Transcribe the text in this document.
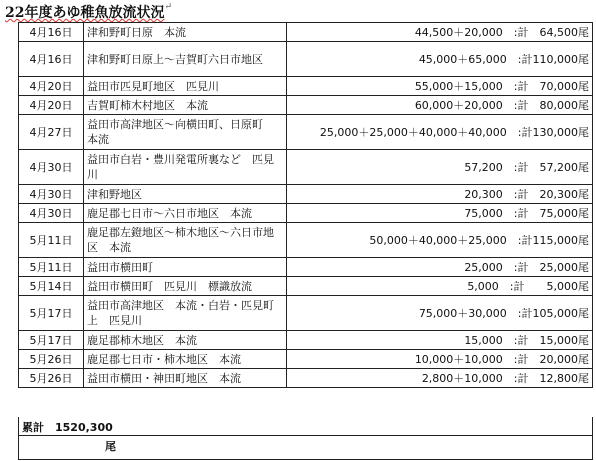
22年度あゆ稚魚放流状況↵
4月16日	津和野町日原　本流	44,500＋20,000　:計　64,500尾
4月16日	津和野町日原上～吉賀町六日市地区	45,000＋65,000　:計110,000尾
4月20日	益田市匹見町地区　匹見川	55,000＋15,000　:計　70,000尾
4月20日	吉賀町柿木村地区　本流	60,000＋20,000　:計　80,000尾
4月27日	益田市高津地区～向横田町、日原町　本流	25,000＋25,000＋40,000＋40,000　:計130,000尾
4月30日	益田市白岩・豊川発電所裏など　匹見川	57,200　:計　57,200尾
4月30日	津和野地区	20,300　:計　20,300尾
4月30日	鹿足郡七日市～六日市地区　本流	75,000　:計　75,000尾
5月11日	鹿足郡左鐙地区～柿木地区～六日市地区　本流	50,000＋40,000＋25,000　:計115,000尾
5月11日	益田市横田町	25,000　:計　25,000尾
5月14日	益田市横田町　匹見川　標識放流	5,000　:計　　5,000尾
5月17日	益田市高津地区　本流・白岩・匹見町上　匹見川	75,000＋30,000　:計105,000尾
5月17日	鹿足郡柿木地区　本流	15,000　:計　15,000尾
5月26日	鹿足郡七日市・柿木地区　本流	10,000＋10,000　:計　20,000尾
5月26日	益田市横田・神田町地区　本流	2,800＋10,000　:計　12,800尾
累計　1520,300
尾
